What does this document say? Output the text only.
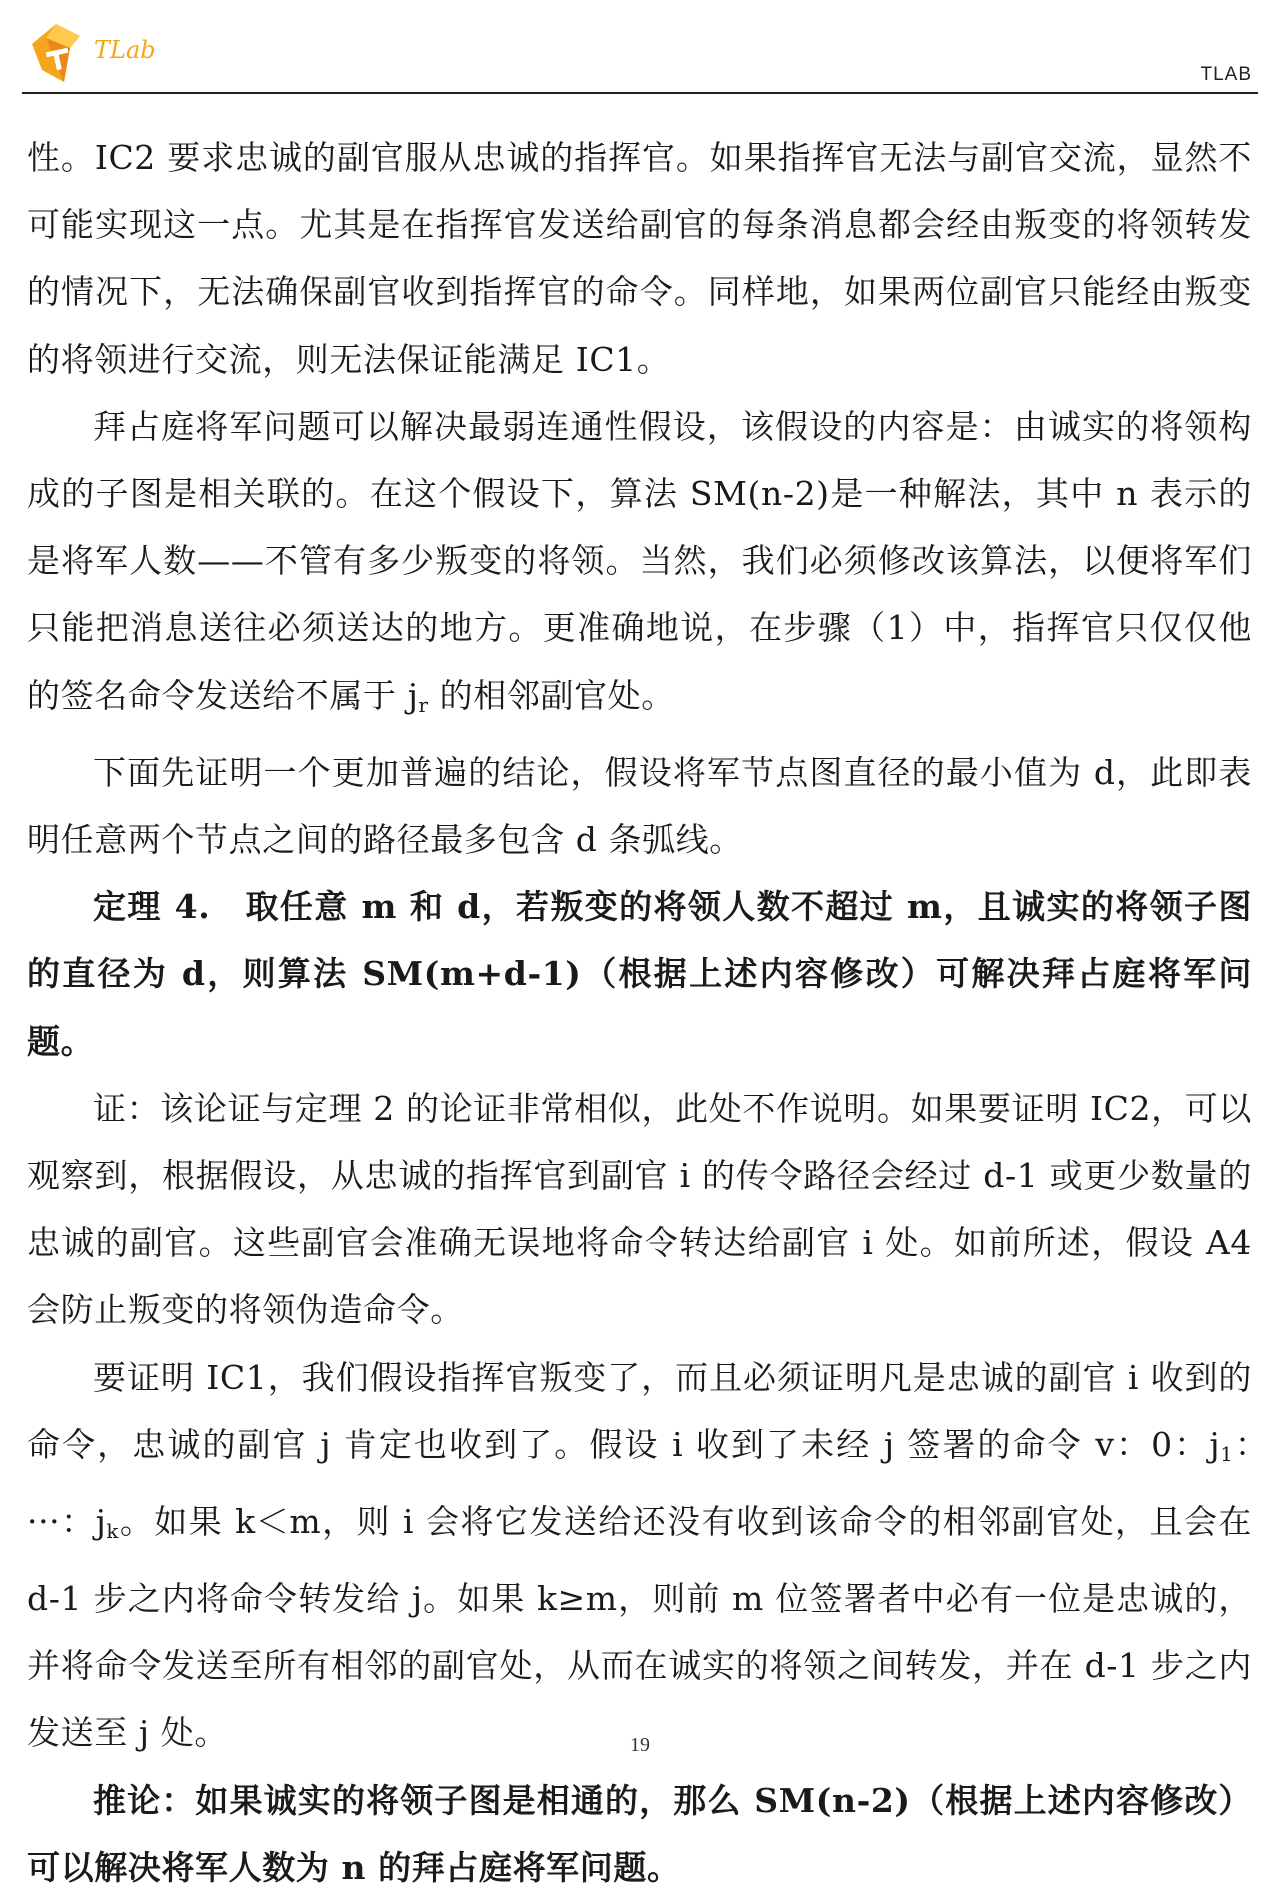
TLab
TLAB

性。IC2 要求忠诚的副官服从忠诚的指挥官。如果指挥官无法与副官交流，显然不可能实现这一点。尤其是在指挥官发送给副官的每条消息都会经由叛变的将领转发的情况下，无法确保副官收到指挥官的命令。同样地，如果两位副官只能经由叛变的将领进行交流，则无法保证能满足 IC1。

拜占庭将军问题可以解决最弱连通性假设，该假设的内容是：由诚实的将领构成的子图是相关联的。在这个假设下，算法 SM(n-2)是一种解法，其中 n 表示的是将军人数——不管有多少叛变的将领。当然，我们必须修改该算法，以便将军们只能把消息送往必须送达的地方。更准确地说，在步骤（1）中，指挥官只仅仅他的签名命令发送给不属于 $j_r$ 的相邻副官处。

下面先证明一个更加普遍的结论，假设将军节点图直径的最小值为 d，此即表明任意两个节点之间的路径最多包含 d 条弧线。

定理 4.　取任意 m 和 d，若叛变的将领人数不超过 m，且诚实的将领子图的直径为 d，则算法 SM(m+d-1)（根据上述内容修改）可解决拜占庭将军问题。

证：该论证与定理 2 的论证非常相似，此处不作说明。如果要证明 IC2，可以观察到，根据假设，从忠诚的指挥官到副官 i 的传令路径会经过 d-1 或更少数量的忠诚的副官。这些副官会准确无误地将命令转达给副官 i 处。如前所述，假设 A4 会防止叛变的将领伪造命令。

要证明 IC1，我们假设指挥官叛变了，而且必须证明凡是忠诚的副官 i 收到的命令，忠诚的副官 j 肯定也收到了。假设 i 收到了未经 j 签署的命令 v：0：$j_1$：···：$j_k$。如果 k＜m，则 i 会将它发送给还没有收到该命令的相邻副官处，且会在 d-1 步之内将命令转发给 j。如果 k≥m，则前 m 位签署者中必有一位是忠诚的，并将命令发送至所有相邻的副官处，从而在诚实的将领之间转发，并在 d-1 步之内发送至 j 处。

推论：如果诚实的将领子图是相通的，那么 SM(n-2)（根据上述内容修改）可以解决将军人数为 n 的拜占庭将军问题。

19
